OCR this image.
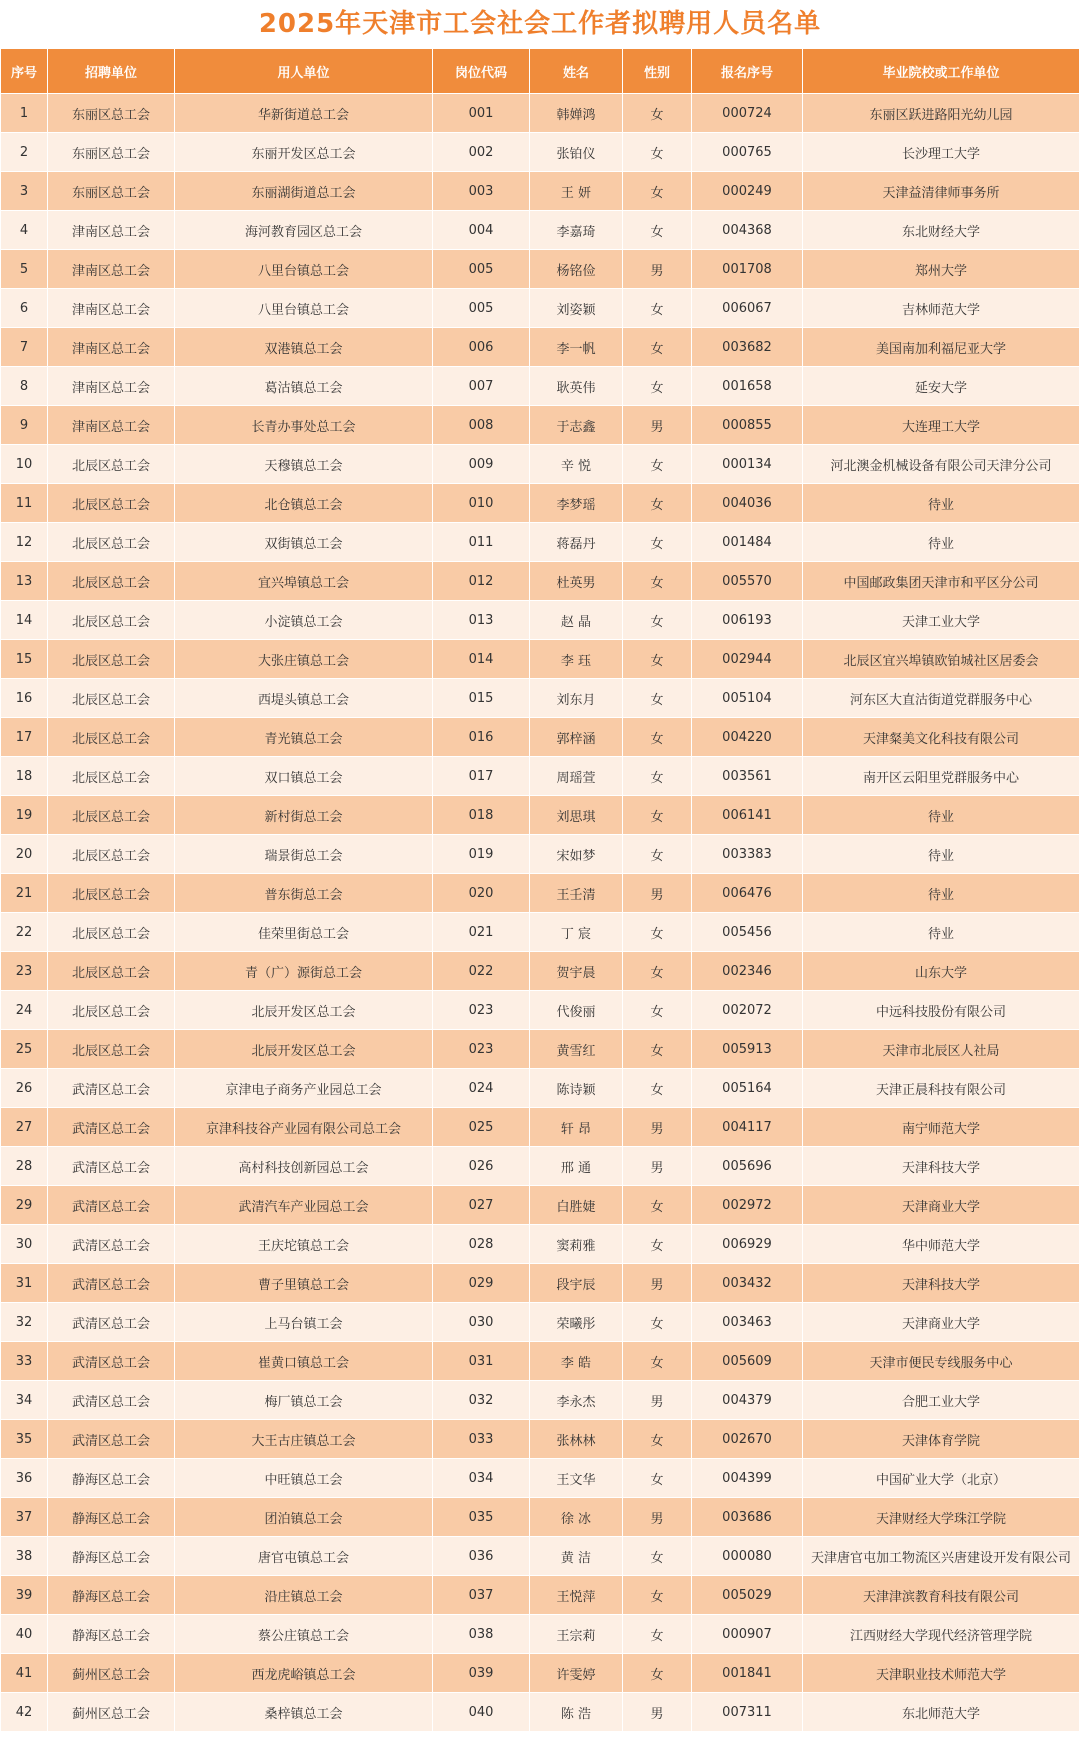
2025年天津市工会社会工作者拟聘用人员名单
序号	招聘单位	用人单位	岗位代码	姓名	性别	报名序号	毕业院校或工作单位
1	东丽区总工会	华新街道总工会	001	韩婵鸿	女	000724	东丽区跃进路阳光幼儿园
2	东丽区总工会	东丽开发区总工会	002	张铂仪	女	000765	长沙理工大学
3	东丽区总工会	东丽湖街道总工会	003	王 妍	女	000249	天津益清律师事务所
4	津南区总工会	海河教育园区总工会	004	李嘉琦	女	004368	东北财经大学
5	津南区总工会	八里台镇总工会	005	杨铭俭	男	001708	郑州大学
6	津南区总工会	八里台镇总工会	005	刘姿颖	女	006067	吉林师范大学
7	津南区总工会	双港镇总工会	006	李一帆	女	003682	美国南加利福尼亚大学
8	津南区总工会	葛沽镇总工会	007	耿英伟	女	001658	延安大学
9	津南区总工会	长青办事处总工会	008	于志鑫	男	000855	大连理工大学
10	北辰区总工会	天穆镇总工会	009	辛 悦	女	000134	河北澳金机械设备有限公司天津分公司
11	北辰区总工会	北仓镇总工会	010	李梦瑶	女	004036	待业
12	北辰区总工会	双街镇总工会	011	蒋磊丹	女	001484	待业
13	北辰区总工会	宜兴埠镇总工会	012	杜英男	女	005570	中国邮政集团天津市和平区分公司
14	北辰区总工会	小淀镇总工会	013	赵 晶	女	006193	天津工业大学
15	北辰区总工会	大张庄镇总工会	014	李 珏	女	002944	北辰区宜兴埠镇欧铂城社区居委会
16	北辰区总工会	西堤头镇总工会	015	刘东月	女	005104	河东区大直沽街道党群服务中心
17	北辰区总工会	青光镇总工会	016	郭梓涵	女	004220	天津粲美文化科技有限公司
18	北辰区总工会	双口镇总工会	017	周瑶萱	女	003561	南开区云阳里党群服务中心
19	北辰区总工会	新村街总工会	018	刘思琪	女	006141	待业
20	北辰区总工会	瑞景街总工会	019	宋如梦	女	003383	待业
21	北辰区总工会	普东街总工会	020	王壬清	男	006476	待业
22	北辰区总工会	佳荣里街总工会	021	丁 宸	女	005456	待业
23	北辰区总工会	青（广）源街总工会	022	贺宇晨	女	002346	山东大学
24	北辰区总工会	北辰开发区总工会	023	代俊丽	女	002072	中远科技股份有限公司
25	北辰区总工会	北辰开发区总工会	023	黄雪红	女	005913	天津市北辰区人社局
26	武清区总工会	京津电子商务产业园总工会	024	陈诗颖	女	005164	天津正晨科技有限公司
27	武清区总工会	京津科技谷产业园有限公司总工会	025	轩 昂	男	004117	南宁师范大学
28	武清区总工会	高村科技创新园总工会	026	邢 通	男	005696	天津科技大学
29	武清区总工会	武清汽车产业园总工会	027	白胜婕	女	002972	天津商业大学
30	武清区总工会	王庆坨镇总工会	028	窦莉雅	女	006929	华中师范大学
31	武清区总工会	曹子里镇总工会	029	段宇辰	男	003432	天津科技大学
32	武清区总工会	上马台镇工会	030	荣曦彤	女	003463	天津商业大学
33	武清区总工会	崔黄口镇总工会	031	李 皓	女	005609	天津市便民专线服务中心
34	武清区总工会	梅厂镇总工会	032	李永杰	男	004379	合肥工业大学
35	武清区总工会	大王古庄镇总工会	033	张林林	女	002670	天津体育学院
36	静海区总工会	中旺镇总工会	034	王文华	女	004399	中国矿业大学（北京）
37	静海区总工会	团泊镇总工会	035	徐 冰	男	003686	天津财经大学珠江学院
38	静海区总工会	唐官屯镇总工会	036	黄 洁	女	000080	天津唐官屯加工物流区兴唐建设开发有限公司
39	静海区总工会	沿庄镇总工会	037	王悦萍	女	005029	天津津滨教育科技有限公司
40	静海区总工会	蔡公庄镇总工会	038	王宗莉	女	000907	江西财经大学现代经济管理学院
41	蓟州区总工会	西龙虎峪镇总工会	039	许雯婷	女	001841	天津职业技术师范大学
42	蓟州区总工会	桑梓镇总工会	040	陈 浩	男	007311	东北师范大学
